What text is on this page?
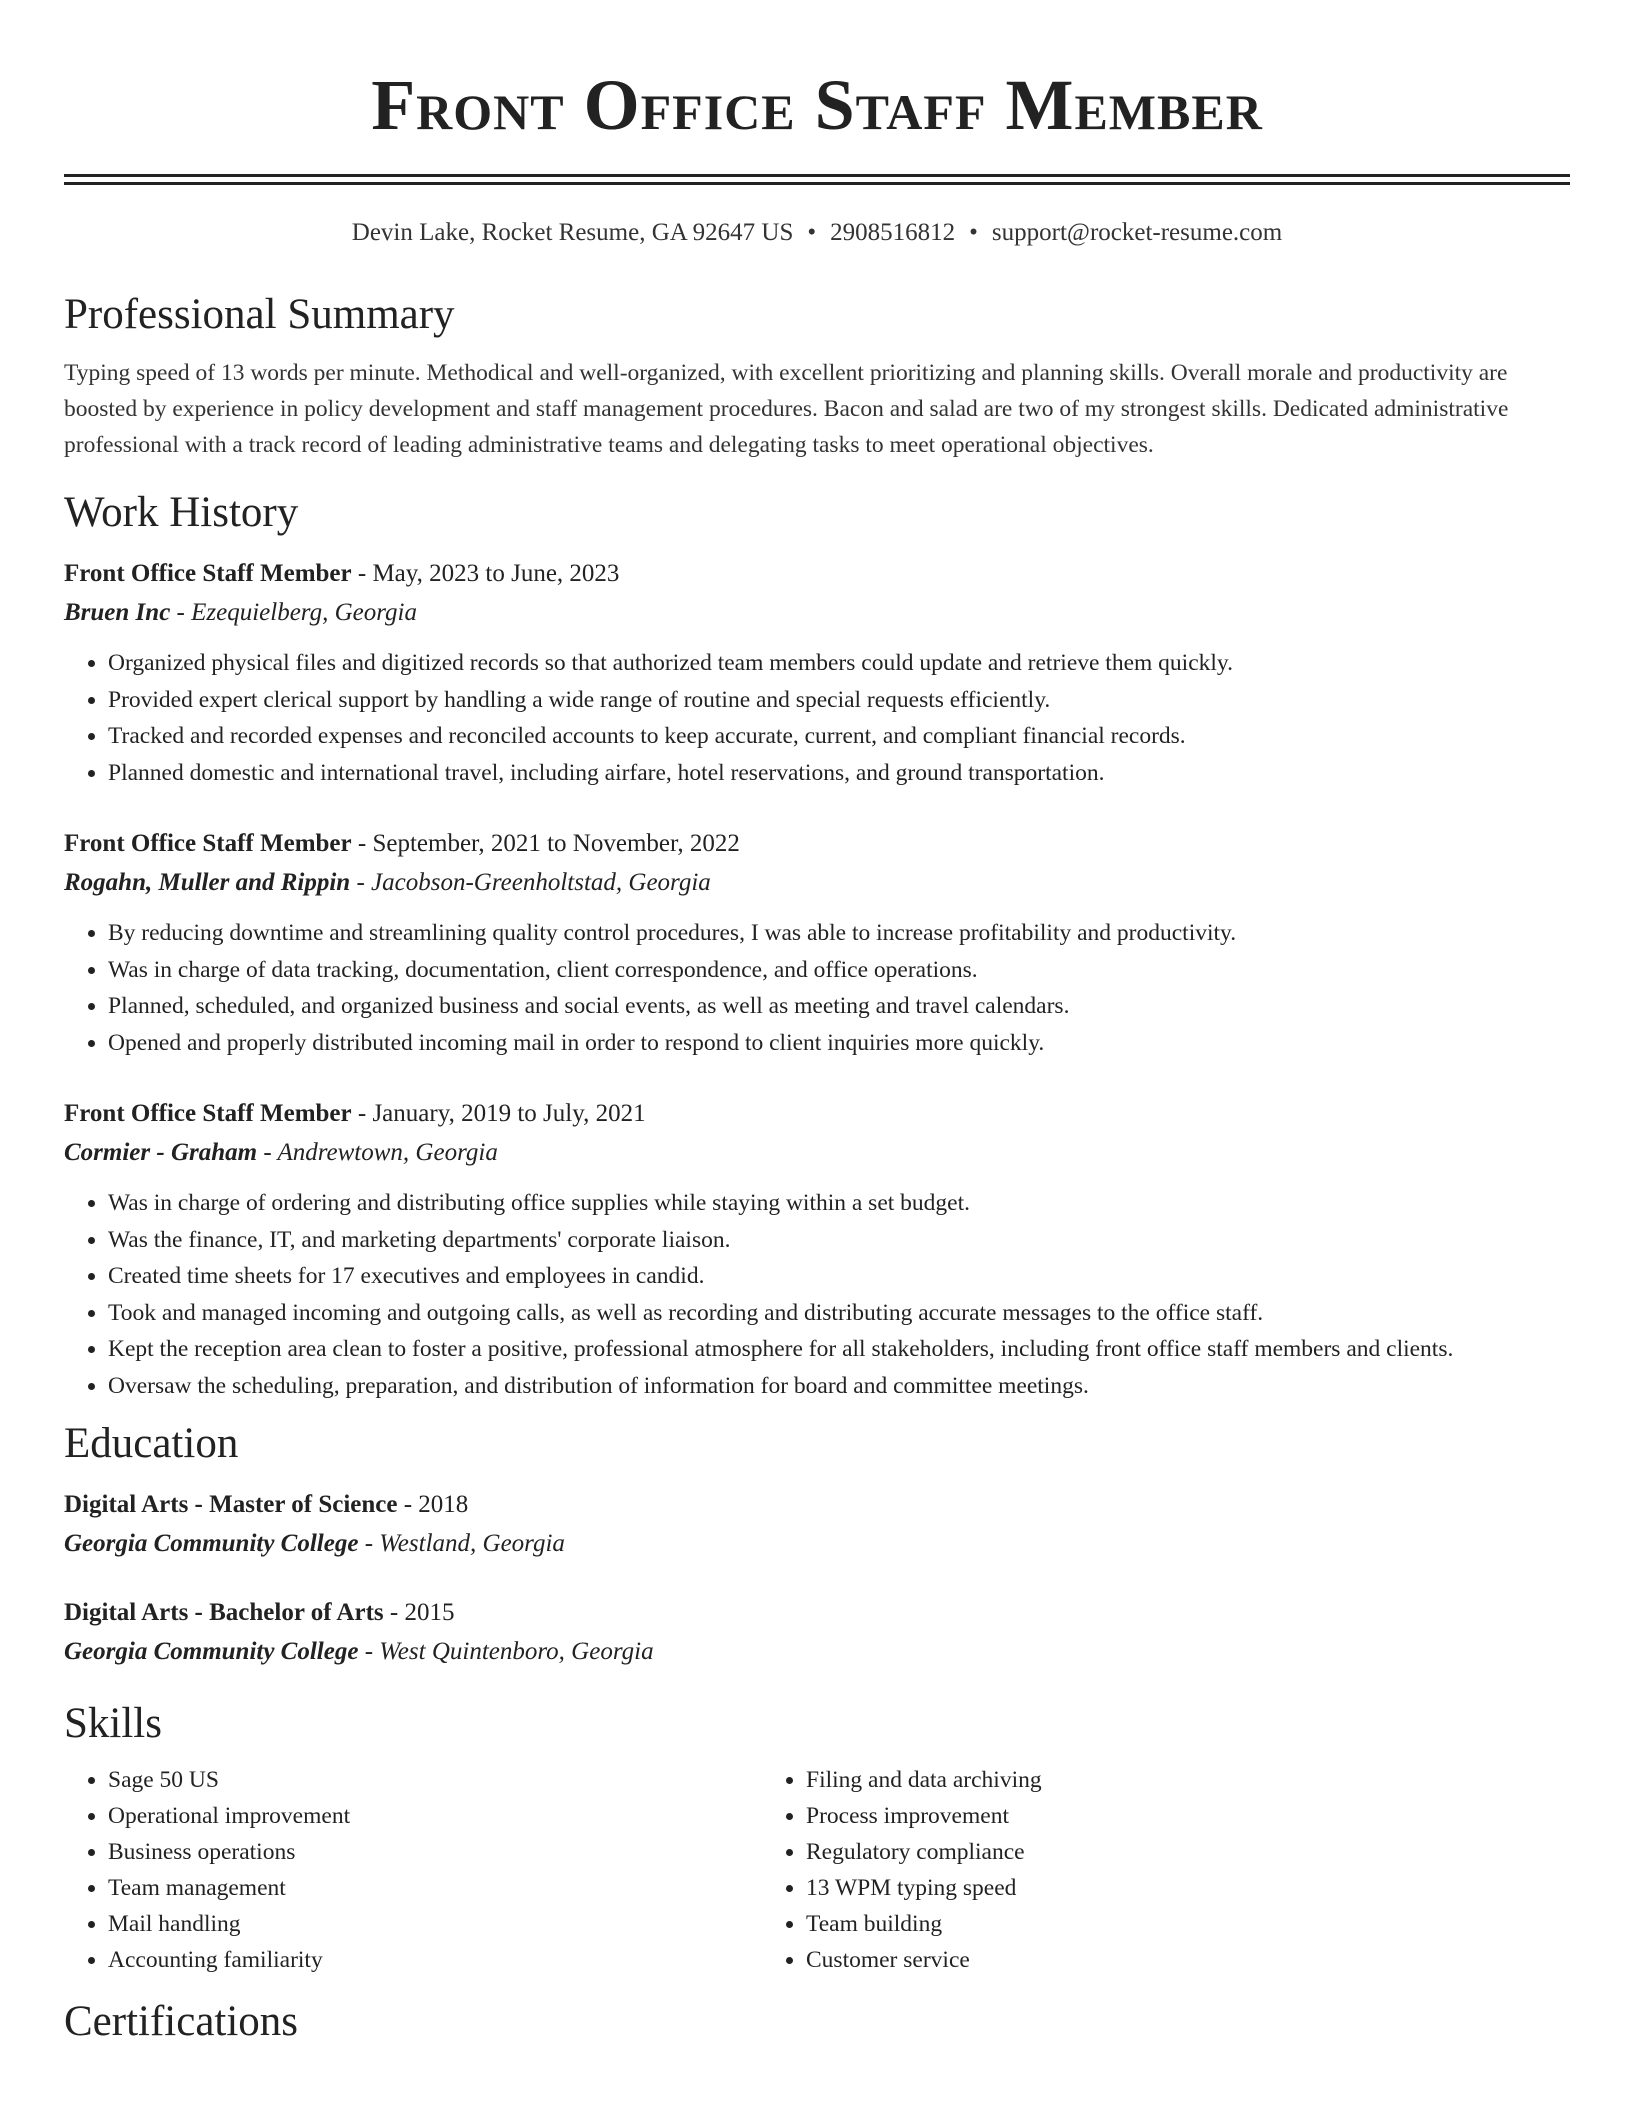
Front Office Staff Member
Devin Lake, Rocket Resume, GA 92647 US • 2908516812 • support@rocket-resume.com
Professional Summary

Typing speed of 13 words per minute. Methodical and well-organized, with excellent prioritizing and planning skills. Overall morale and productivity are boosted by experience in policy development and staff management procedures. Bacon and salad are two of my strongest skills. Dedicated administrative professional with a track record of leading administrative teams and delegating tasks to meet operational objectives.

Work History
Front Office Staff Member - May, 2023 to June, 2023
Bruen Inc - Ezequielberg, Georgia
• Organized physical files and digitized records so that authorized team members could update and retrieve them quickly.
• Provided expert clerical support by handling a wide range of routine and special requests efficiently.
• Tracked and recorded expenses and reconciled accounts to keep accurate, current, and compliant financial records.
• Planned domestic and international travel, including airfare, hotel reservations, and ground transportation.
Front Office Staff Member - September, 2021 to November, 2022
Rogahn, Muller and Rippin - Jacobson-Greenholtstad, Georgia
• By reducing downtime and streamlining quality control procedures, I was able to increase profitability and productivity.
• Was in charge of data tracking, documentation, client correspondence, and office operations.
• Planned, scheduled, and organized business and social events, as well as meeting and travel calendars.
• Opened and properly distributed incoming mail in order to respond to client inquiries more quickly.
Front Office Staff Member - January, 2019 to July, 2021
Cormier - Graham - Andrewtown, Georgia
• Was in charge of ordering and distributing office supplies while staying within a set budget.
• Was the finance, IT, and marketing departments' corporate liaison.
• Created time sheets for 17 executives and employees in candid.
• Took and managed incoming and outgoing calls, as well as recording and distributing accurate messages to the office staff.
• Kept the reception area clean to foster a positive, professional atmosphere for all stakeholders, including front office staff members and clients.
• Oversaw the scheduling, preparation, and distribution of information for board and committee meetings.
Education
Digital Arts - Master of Science - 2018
Georgia Community College - Westland, Georgia
Digital Arts - Bachelor of Arts - 2015
Georgia Community College - West Quintenboro, Georgia
Skills
• Sage 50 US
• Operational improvement
• Business operations
• Team management
• Mail handling
• Accounting familiarity
• Filing and data archiving
• Process improvement
• Regulatory compliance
• 13 WPM typing speed
• Team building
• Customer service
Certifications
